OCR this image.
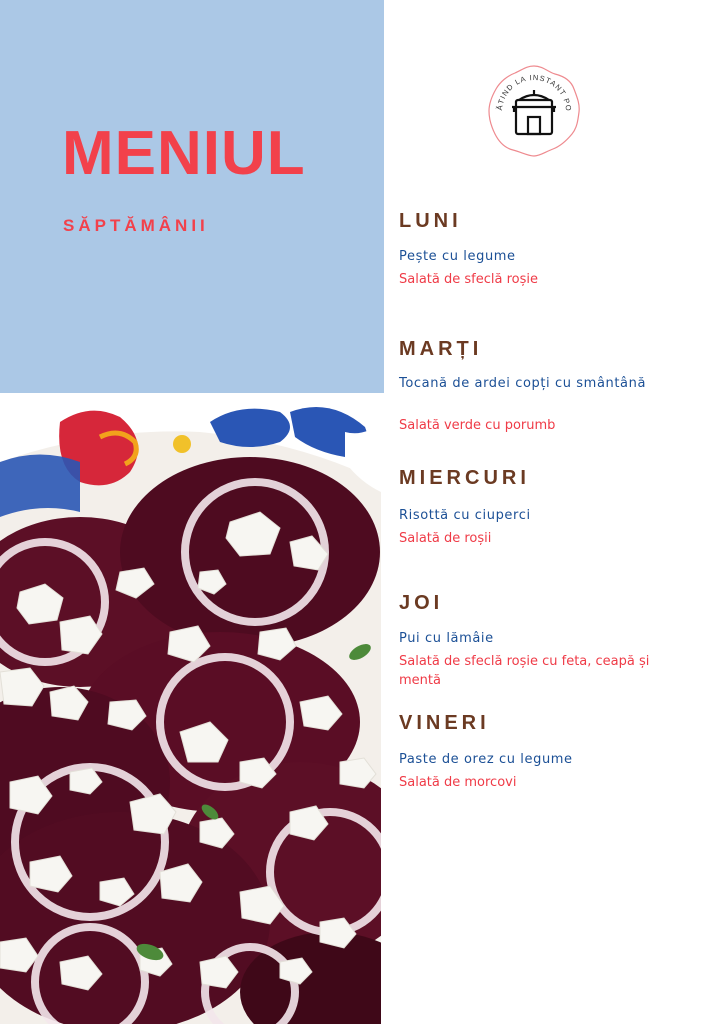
MENIUL
SĂPTĂMÂNII
ĂTIND LA INSTANT PO
LUNI
Pește cu legume
Salată de sfeclă roșie
MARȚI
Tocană de ardei copți cu smântână
Salată verde cu porumb
MIERCURI
Risottă cu ciuperci
Salată de roșii
JOI
Pui cu lămâie
Salată de sfeclă roșie cu feta, ceapă și mentă
VINERI
Paste de orez cu legume
Salată de morcovi
